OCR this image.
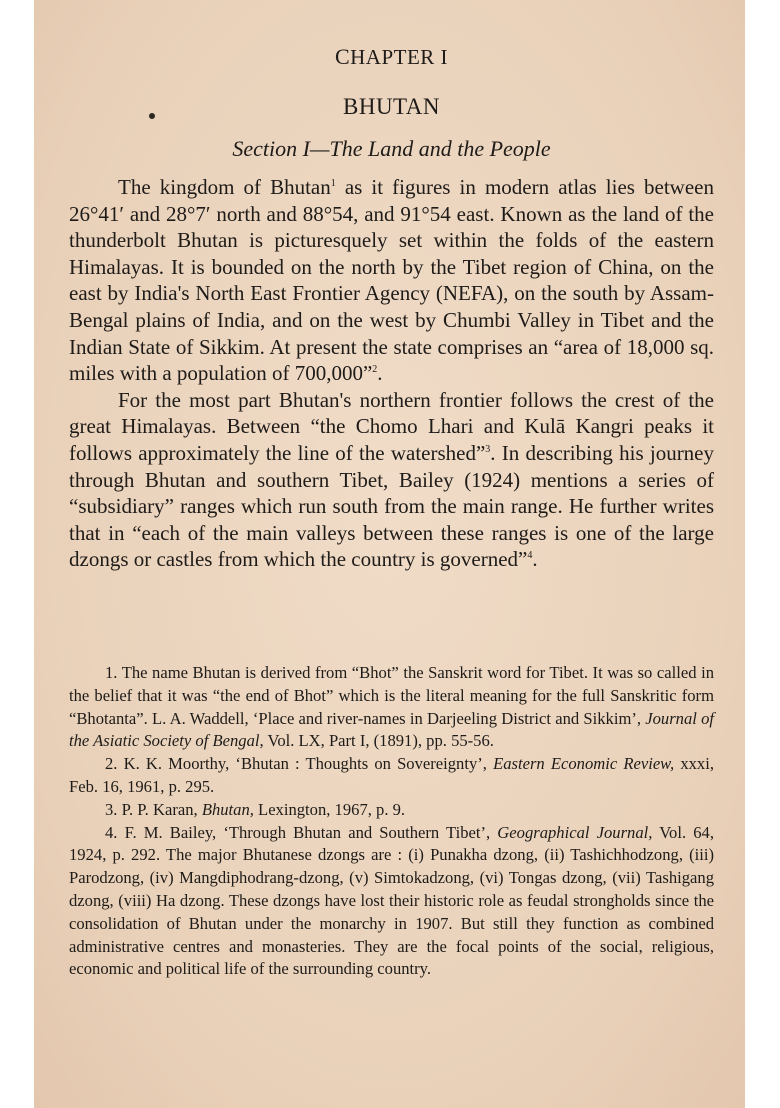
CHAPTER I
BHUTAN
Section I—The Land and the People

The kingdom of Bhutan$^1$ as it figures in modern atlas lies between 26°41′ and 28°7′ north and 88°54, and 91°54 east. Known as the land of the thunderbolt Bhutan is picturesquely set within the folds of the eastern Himalayas. It is bounded on the north by the Tibet region of China, on the east by India's North East Frontier Agency (NEFA), on the south by Assam-Bengal plains of India, and on the west by Chumbi Valley in Tibet and the Indian State of Sikkim. At present the state comprises an “area of 18,000 sq. miles with a population of 700,000”$^2$.

For the most part Bhutan's northern frontier follows the crest of the great Himalayas. Between “the Chomo Lhari and Kulā Kangri peaks it follows approximately the line of the watershed”$^3$. In describing his journey through Bhutan and southern Tibet, Bailey (1924) mentions a series of “subsidiary” ranges which run south from the main range. He further writes that in “each of the main valleys between these ranges is one of the large dzongs or castles from which the country is governed”$^4$.

1. The name Bhutan is derived from “Bhot” the Sanskrit word for Tibet. It was so called in the belief that it was “the end of Bhot” which is the literal meaning for the full Sanskritic form “Bhotanta”. L. A. Waddell, ‘Place and river-names in Darjeeling District and Sikkim’, Journal of the Asiatic Society of Bengal, Vol. LX, Part I, (1891), pp. 55-56.

2. K. K. Moorthy, ‘Bhutan : Thoughts on Sovereignty’, Eastern Economic Review, xxxi, Feb. 16, 1961, p. 295.

3. P. P. Karan, Bhutan, Lexington, 1967, p. 9.

4. F. M. Bailey, ‘Through Bhutan and Southern Tibet’, Geographical Journal, Vol. 64, 1924, p. 292. The major Bhutanese dzongs are : (i) Punakha dzong, (ii) Tashichhodzong, (iii) Parodzong, (iv) Mangdiphodrang-dzong, (v) Simtokadzong, (vi) Tongas dzong, (vii) Tashigang dzong, (viii) Ha dzong. These dzongs have lost their historic role as feudal strongholds since the consolidation of Bhutan under the monarchy in 1907. But still they function as combined administrative centres and monasteries. They are the focal points of the social, religious, economic and political life of the surrounding country.
